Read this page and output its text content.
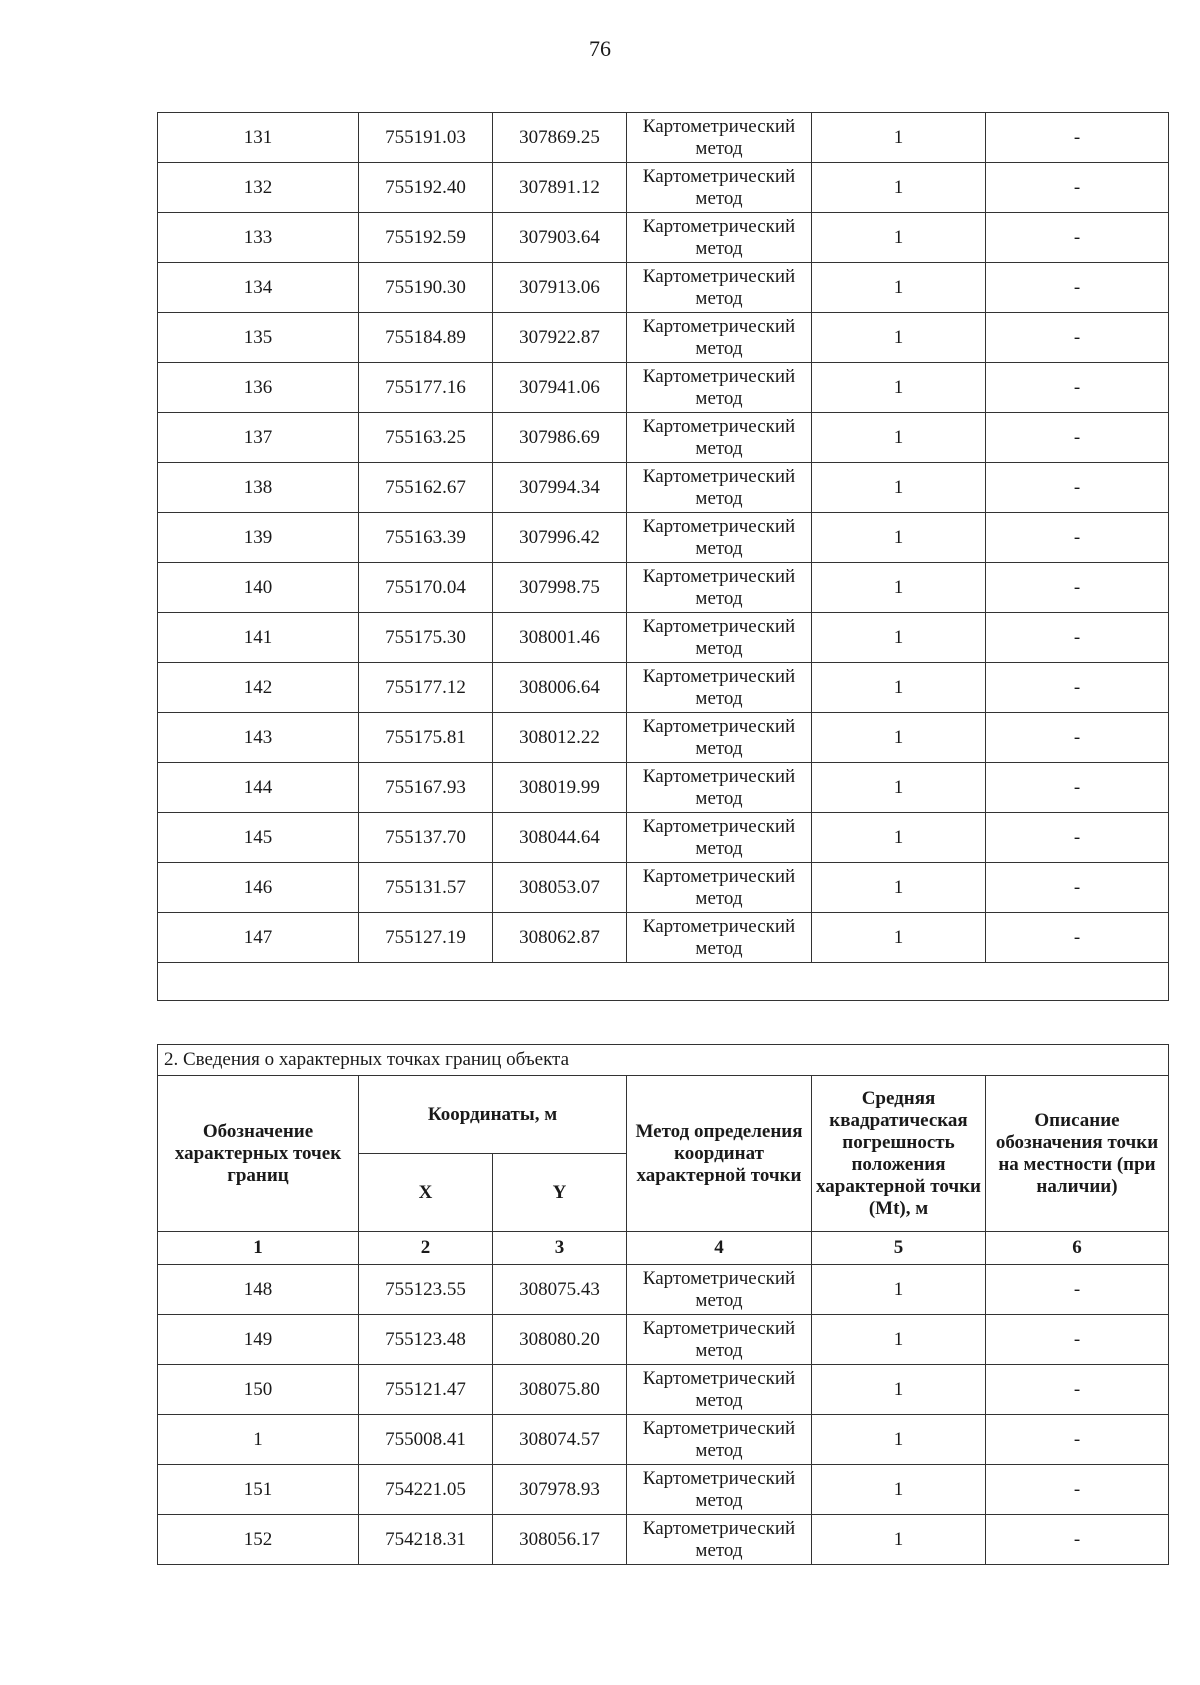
76
131	755191.03	307869.25	Картометрический метод	1	-
132	755192.40	307891.12	Картометрический метод	1	-
133	755192.59	307903.64	Картометрический метод	1	-
134	755190.30	307913.06	Картометрический метод	1	-
135	755184.89	307922.87	Картометрический метод	1	-
136	755177.16	307941.06	Картометрический метод	1	-
137	755163.25	307986.69	Картометрический метод	1	-
138	755162.67	307994.34	Картометрический метод	1	-
139	755163.39	307996.42	Картометрический метод	1	-
140	755170.04	307998.75	Картометрический метод	1	-
141	755175.30	308001.46	Картометрический метод	1	-
142	755177.12	308006.64	Картометрический метод	1	-
143	755175.81	308012.22	Картометрический метод	1	-
144	755167.93	308019.99	Картометрический метод	1	-
145	755137.70	308044.64	Картометрический метод	1	-
146	755131.57	308053.07	Картометрический метод	1	-
147	755127.19	308062.87	Картометрический метод	1	-

2. Сведения о характерных точках границ объекта					
Обозначение характерных точек границ	Координаты, м		Метод определения координат характерной точки	Средняя квадратическая погрешность положения характерной точки (Mt), м	Описание обозначения точки на местности (при наличии)
	X	Y			
1	2	3	4	5	6
148	755123.55	308075.43	Картометрический метод	1	-
149	755123.48	308080.20	Картометрический метод	1	-
150	755121.47	308075.80	Картометрический метод	1	-
1	755008.41	308074.57	Картометрический метод	1	-
151	754221.05	307978.93	Картометрический метод	1	-
152	754218.31	308056.17	Картометрический метод	1	-
